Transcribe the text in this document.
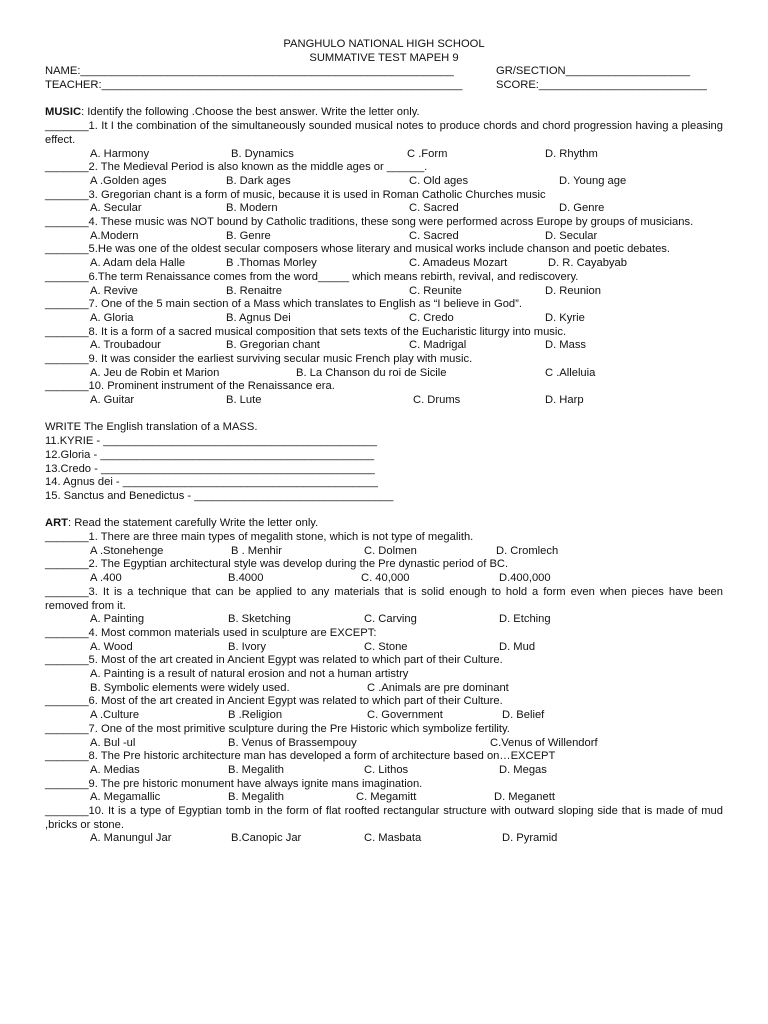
PANGHULO NATIONAL HIGH SCHOOL
SUMMATIVE TEST MAPEH 9
NAME:____________________________________________________________	GR/SECTION____________________
TEACHER:__________________________________________________________	SCORE:___________________________
MUSIC: Identify the following .Choose the best answer. Write the letter only.
_______1. It I the combination of the simultaneously sounded musical notes to produce chords and chord progression having a pleasing effect.
A. Harmony	B. Dynamics	C .Form	D. Rhythm
_______2. The Medieval Period is also known as the middle ages or ______.
A .Golden ages	B. Dark ages	C. Old ages	D. Young age
_______3. Gregorian chant is a form of music, because it is used in Roman Catholic Churches music
A. Secular	B. Modern	C. Sacred	D. Genre
_______4. These music was NOT bound by Catholic traditions, these song were performed across Europe by groups of musicians.
A.Modern	B. Genre	C. Sacred	D. Secular
_______5.He was one of the oldest secular composers whose literary and musical works include chanson and poetic debates.
A. Adam dela Halle	B .Thomas Morley	C. Amadeus Mozart	D. R. Cayabyab
_______6.The term Renaissance comes from the word_____ which means rebirth, revival, and rediscovery.
A. Revive	B. Renaitre	C. Reunite	D. Reunion
_______7. One of the 5 main section of a Mass which translates to English as “I believe in God”.
A. Gloria	B. Agnus Dei	C. Credo	D. Kyrie
_______8. It is a form of a sacred musical composition that sets texts of the Eucharistic liturgy into music.
A. Troubadour	B. Gregorian chant	C. Madrigal	D. Mass
_______9. It was consider the earliest surviving secular music French play with music.
A. Jeu de Robin et Marion	B. La Chanson du roi de Sicile	C .Alleluia
_______10. Prominent instrument of the Renaissance era.
A. Guitar	B. Lute	C. Drums	D. Harp
WRITE The English translation of a MASS.
11.KYRIE - ____________________________________________
12.Gloria - ____________________________________________
13.Credo - ____________________________________________
14. Agnus dei - _________________________________________
15. Sanctus and Benedictus - ________________________________
ART: Read the statement carefully Write the letter only.
_______1. There are three main types of megalith stone, which is not type of megalith.
A .Stonehenge	B . Menhir	C. Dolmen	D. Cromlech
_______2. The Egyptian architectural style was develop during the Pre dynastic period of BC.
A .400	B.4000	C. 40,000	D.400,000
_______3. It is a technique that can be applied to any materials that is solid enough to hold a form even when pieces have been removed from it.
A. Painting	B. Sketching	C. Carving	D. Etching
_______4. Most common materials used in sculpture are EXCEPT:
A. Wood	B. Ivory	C. Stone	D. Mud
_______5. Most of the art created in Ancient Egypt was related to which part of their Culture.
A. Painting is a result of natural erosion and not a human artistry
B. Symbolic elements were widely used.	C .Animals are pre dominant
_______6. Most of the art created in Ancient Egypt was related to which part of their Culture.
A .Culture	B .Religion	C. Government	D. Belief
_______7. One of the most primitive sculpture during the Pre Historic which symbolize fertility.
A. Bul -ul	B. Venus of Brassempouy	C.Venus of Willendorf
_______8. The Pre historic architecture man has developed a form of architecture based on…EXCEPT
A. Medias	B. Megalith	C. Lithos	D. Megas
_______9. The pre historic monument have always ignite mans imagination.
A. Megamallic	B. Megalith	C. Megamitt	D. Meganett
_______10. It is a type of Egyptian tomb in the form of flat roofted rectangular structure with outward sloping side that is made of mud ,bricks or stone.
A. Manungul Jar	B.Canopic Jar	C. Masbata	D. Pyramid
